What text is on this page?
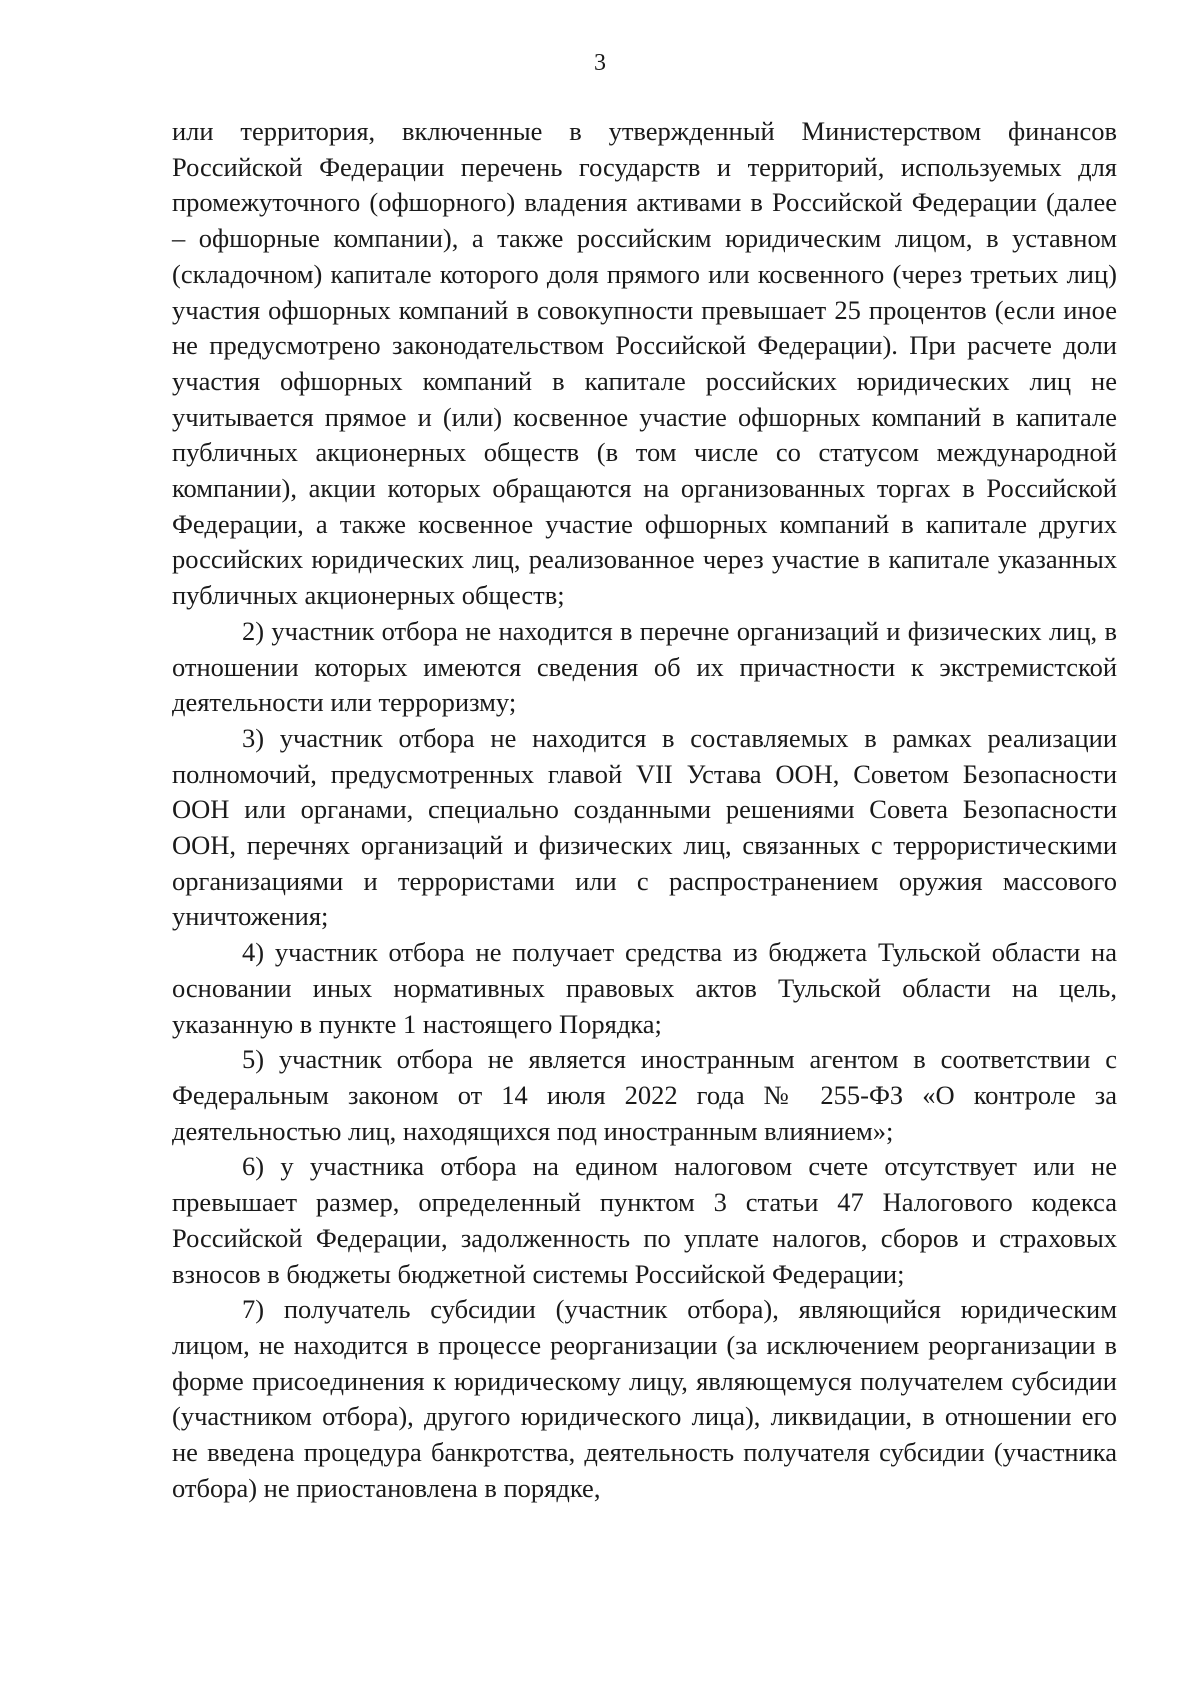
3

или территория, включенные в утвержденный Министерством финансов Российской Федерации перечень государств и территорий, используемых для промежуточного (офшорного) владения активами в Российской Федерации (далее – офшорные компании), а также российским юридическим лицом, в уставном (складочном) капитале которого доля прямого или косвенного (через третьих лиц) участия офшорных компаний в совокупности превышает 25 процентов (если иное не предусмотрено законодательством Российской Федерации). При расчете доли участия офшорных компаний в капитале российских юридических лиц не учитывается прямое и (или) косвенное участие офшорных компаний в капитале публичных акционерных обществ (в том числе со статусом международной компании), акции которых обращаются на организованных торгах в Российской Федерации, а также косвенное участие офшорных компаний в капитале других российских юридических лиц, реализованное через участие в капитале указанных публичных акционерных обществ;

2) участник отбора не находится в перечне организаций и физических лиц, в отношении которых имеются сведения об их причастности к экстремистской деятельности или терроризму;

3) участник отбора не находится в составляемых в рамках реализации полномочий, предусмотренных главой VII Устава ООН, Советом Безопасности ООН или органами, специально созданными решениями Совета Безопасности ООН, перечнях организаций и физических лиц, связанных с террористическими организациями и террористами или с распространением оружия массового уничтожения;

4) участник отбора не получает средства из бюджета Тульской области на основании иных нормативных правовых актов Тульской области на цель, указанную в пункте 1 настоящего Порядка;

5) участник отбора не является иностранным агентом в соответствии с Федеральным законом от 14 июля 2022 года № 255-ФЗ «О контроле за деятельностью лиц, находящихся под иностранным влиянием»;

6) у участника отбора на едином налоговом счете отсутствует или не превышает размер, определенный пунктом 3 статьи 47 Налогового кодекса Российской Федерации, задолженность по уплате налогов, сборов и страховых взносов в бюджеты бюджетной системы Российской Федерации;

7) получатель субсидии (участник отбора), являющийся юридическим лицом, не находится в процессе реорганизации (за исключением реорганизации в форме присоединения к юридическому лицу, являющемуся получателем субсидии (участником отбора), другого юридического лица), ликвидации, в отношении его не введена процедура банкротства, деятельность получателя субсидии (участника отбора) не приостановлена в порядке,
